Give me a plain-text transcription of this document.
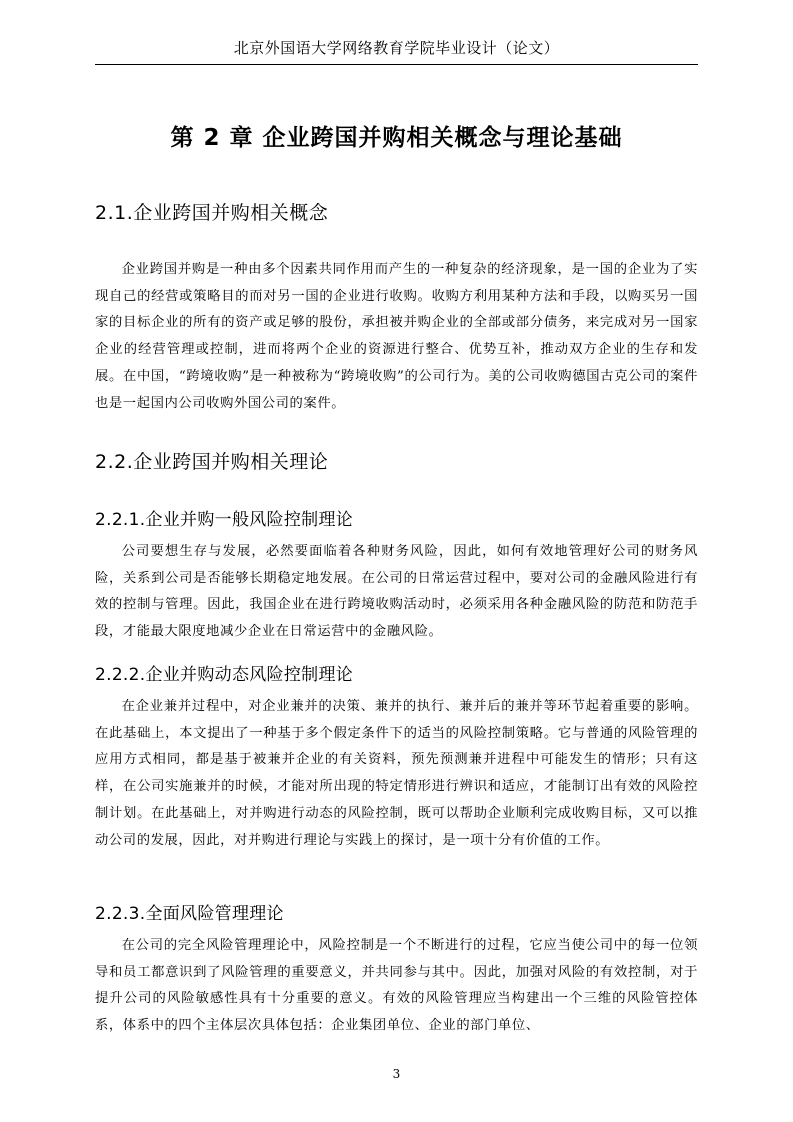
北京外国语大学网络教育学院毕业设计（论文）
第 2 章 企业跨国并购相关概念与理论基础
2.1.企业跨国并购相关概念
企业跨国并购是一种由多个因素共同作用而产生的一种复杂的经济现象，是一国的企业为了实现自己的经营或策略目的而对另一国的企业进行收购。收购方利用某种方法和手段，以购买另一国家的目标企业的所有的资产或足够的股份，承担被并购企业的全部或部分债务，来完成对另一国家企业的经营管理或控制，进而将两个企业的资源进行整合、优势互补，推动双方企业的生存和发展。在中国，“跨境收购”是一种被称为“跨境收购”的公司行为。美的公司收购德国古克公司的案件也是一起国内公司收购外国公司的案件。
2.2.企业跨国并购相关理论
2.2.1.企业并购一般风险控制理论
公司要想生存与发展，必然要面临着各种财务风险，因此，如何有效地管理好公司的财务风险，关系到公司是否能够长期稳定地发展。在公司的日常运营过程中，要对公司的金融风险进行有效的控制与管理。因此，我国企业在进行跨境收购活动时，必须采用各种金融风险的防范和防范手段，才能最大限度地减少企业在日常运营中的金融风险。
2.2.2.企业并购动态风险控制理论
在企业兼并过程中，对企业兼并的决策、兼并的执行、兼并后的兼并等环节起着重要的影响。在此基础上，本文提出了一种基于多个假定条件下的适当的风险控制策略。它与普通的风险管理的应用方式相同，都是基于被兼并企业的有关资料，预先预测兼并进程中可能发生的情形；只有这样，在公司实施兼并的时候，才能对所出现的特定情形进行辨识和适应，才能制订出有效的风险控制计划。在此基础上，对并购进行动态的风险控制，既可以帮助企业顺利完成收购目标，又可以推动公司的发展，因此，对并购进行理论与实践上的探讨，是一项十分有价值的工作。
2.2.3.全面风险管理理论
在公司的完全风险管理理论中，风险控制是一个不断进行的过程，它应当使公司中的每一位领导和员工都意识到了风险管理的重要意义，并共同参与其中。因此，加强对风险的有效控制，对于提升公司的风险敏感性具有十分重要的意义。有效的风险管理应当构建出一个三维的风险管控体系，体系中的四个主体层次具体包括：企业集团单位、企业的部门单位、
3
